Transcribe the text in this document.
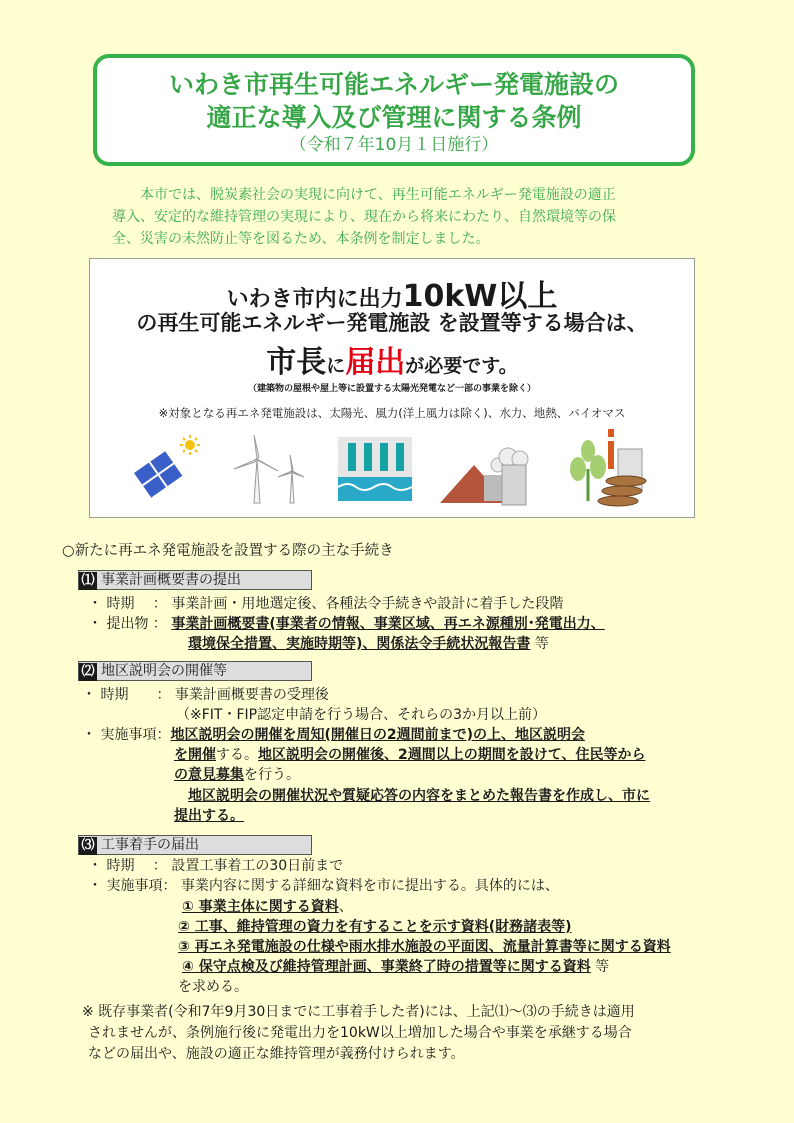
いわき市再生可能エネルギー発電施設の
適正な導入及び管理に関する条例
（令和７年10月１日施行）
本市では、脱炭素社会の実現に向けて、再生可能エネルギー発電施設の適正
導入、安定的な維持管理の実現により、現在から将来にわたり、自然環境等の保
全、災害の未然防止等を図るため、本条例を制定しました。
いわき市内に出力10kW以上
の再生可能エネルギー発電施設 を設置等する場合は、
市長に届出が必要です。
（建築物の屋根や屋上等に設置する太陽光発電など一部の事業を除く）
※対象となる再エネ発電施設は、太陽光、風力(洋上風力は除く)、水力、地熱、バイオマス
○新たに再エネ発電施設を設置する際の主な手続き
⑴ 事業計画概要書の提出
・ 時期　 ： 事業計画・用地選定後、各種法令手続きや設計に着手した段階
・ 提出物 ： 事業計画概要書(事業者の情報、事業区域、再エネ源種別･発電出力、
環境保全措置、実施時期等)、関係法令手続状況報告書 等
⑵ 地区説明会の開催等
・ 時期　　： 事業計画概要書の受理後
（※FIT・FIP認定申請を行う場合、それらの3か月以上前）
・ 実施事項：地区説明会の開催を周知(開催日の2週間前まで)の上、地区説明会
を開催する。地区説明会の開催後、2週間以上の期間を設けて、住民等から
の意見募集を行う。
地区説明会の開催状況や質疑応答の内容をまとめた報告書を作成し、市に
提出する。
⑶ 工事着手の届出
・ 時期　 ： 設置工事着工の30日前まで
・ 実施事項： 事業内容に関する詳細な資料を市に提出する。具体的には、
① 事業主体に関する資料、
② 工事、維持管理の資力を有することを示す資料(財務諸表等)
③ 再エネ発電施設の仕様や雨水排水施設の平面図、流量計算書等に関する資料
④ 保守点検及び維持管理計画、事業終了時の措置等に関する資料 等
を求める。
※ 既存事業者(令和7年9月30日までに工事着手した者)には、上記⑴～⑶の手続きは適用
されませんが、条例施行後に発電出力を10kW以上増加した場合や事業を承継する場合
などの届出や、施設の適正な維持管理が義務付けられます。
